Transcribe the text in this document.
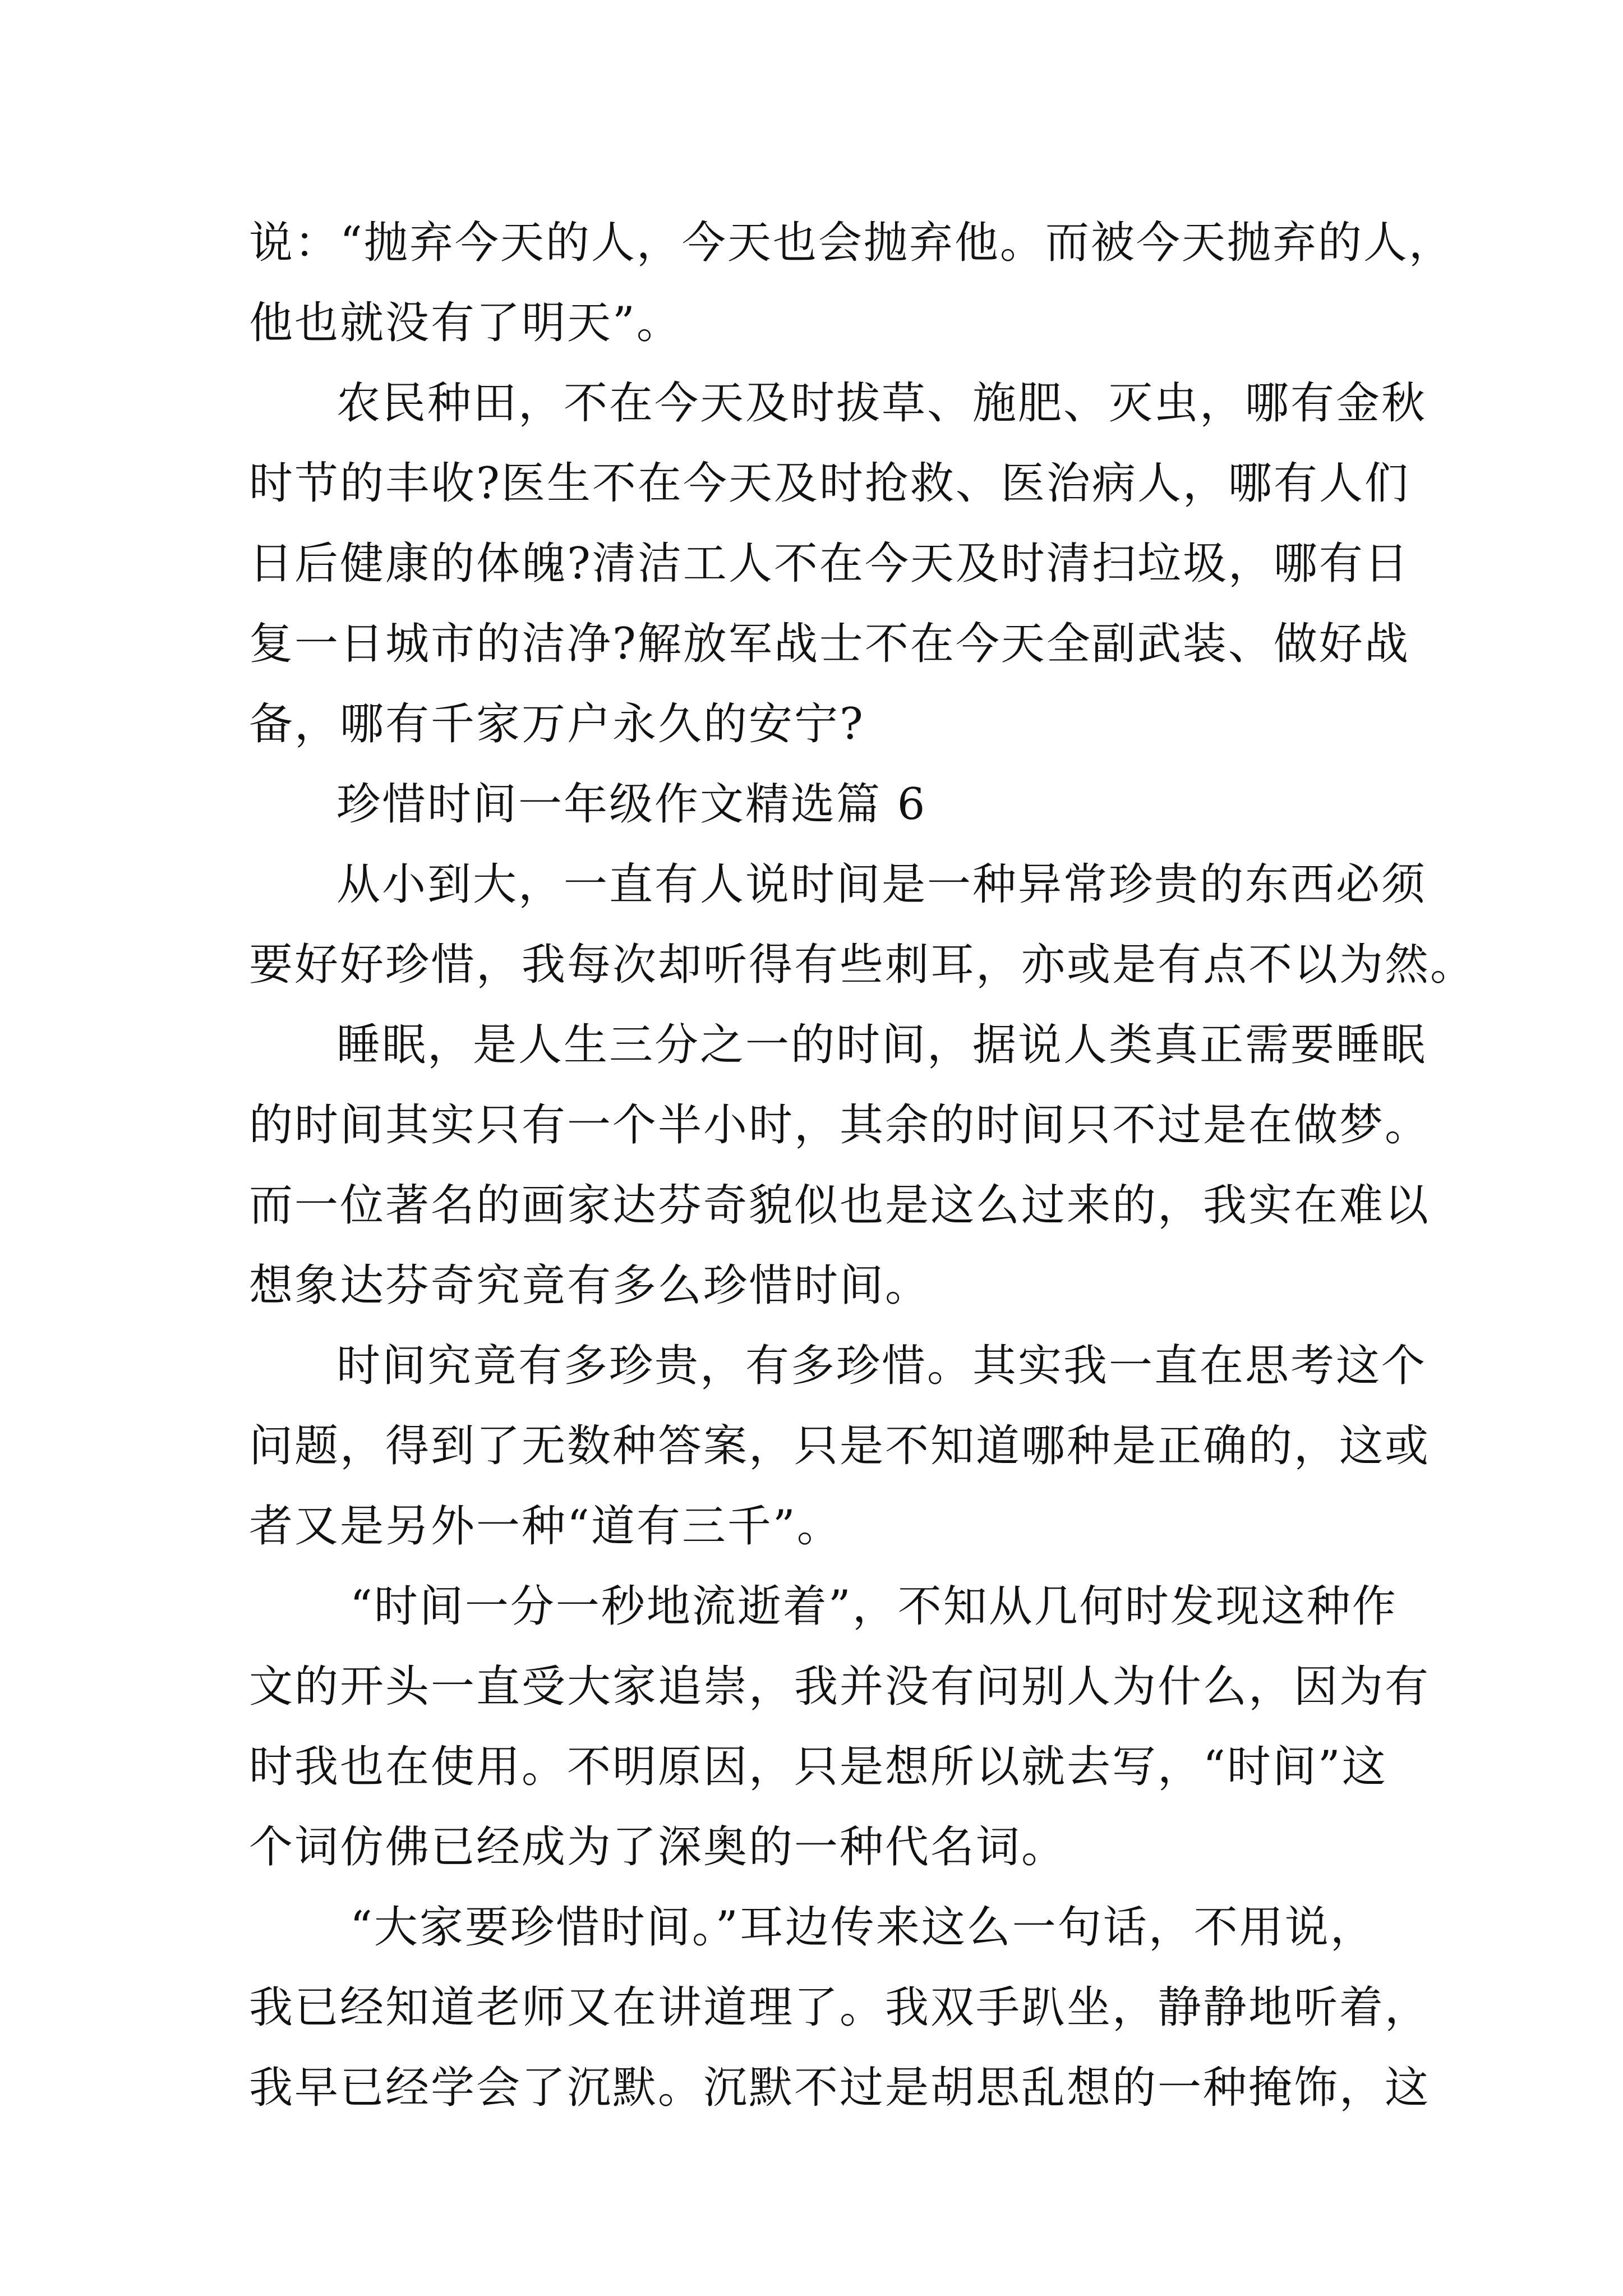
说：“抛弃今天的人，今天也会抛弃他。而被今天抛弃的人，
他也就没有了明天”。
农民种田，不在今天及时拔草、施肥、灭虫，哪有金秋
时节的丰收?医生不在今天及时抢救、医治病人，哪有人们
日后健康的体魄?清洁工人不在今天及时清扫垃圾，哪有日
复一日城市的洁净?解放军战士不在今天全副武装、做好战
备，哪有千家万户永久的安宁?
珍惜时间一年级作文精选篇 6
从小到大，一直有人说时间是一种异常珍贵的东西必须
要好好珍惜，我每次却听得有些刺耳，亦或是有点不以为然。
睡眠，是人生三分之一的时间，据说人类真正需要睡眠
的时间其实只有一个半小时，其余的时间只不过是在做梦。
而一位著名的画家达芬奇貌似也是这么过来的，我实在难以
想象达芬奇究竟有多么珍惜时间。
时间究竟有多珍贵，有多珍惜。其实我一直在思考这个
问题，得到了无数种答案，只是不知道哪种是正确的，这或
者又是另外一种“道有三千”。
“时间一分一秒地流逝着”，不知从几何时发现这种作
文的开头一直受大家追崇，我并没有问别人为什么，因为有
时我也在使用。不明原因，只是想所以就去写，“时间”这
个词仿佛已经成为了深奥的一种代名词。
“大家要珍惜时间。”耳边传来这么一句话，不用说，
我已经知道老师又在讲道理了。我双手趴坐，静静地听着，
我早已经学会了沉默。沉默不过是胡思乱想的一种掩饰，这
